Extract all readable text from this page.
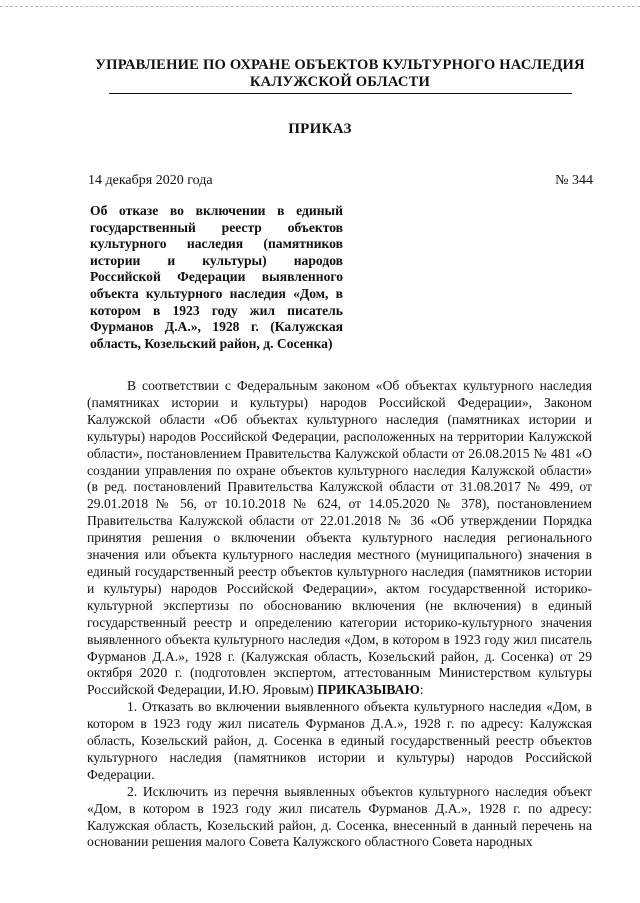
УПРАВЛЕНИЕ ПО ОХРАНЕ ОБЪЕКТОВ КУЛЬТУРНОГО НАСЛЕДИЯ
КАЛУЖСКОЙ ОБЛАСТИ
ПРИКАЗ
14 декабря 2020 года	№ 344
Об отказе во включении в единый государственный реестр объектов культурного наследия (памятников истории и культуры) народов Российской Федерации выявленного объекта культурного наследия «Дом, в котором в 1923 году жил писатель Фурманов Д.А.», 1928 г. (Калужская область, Козельский район, д. Сосенка)

В соответствии с Федеральным законом «Об объектах культурного наследия (памятниках истории и культуры) народов Российской Федерации», Законом Калужской области «Об объектах культурного наследия (памятниках истории и культуры) народов Российской Федерации, расположенных на территории Калужской области», постановлением Правительства Калужской области от 26.08.2015 № 481 «О создании управления по охране объектов культурного наследия Калужской области» (в ред. постановлений Правительства Калужской области от 31.08.2017 № 499, от 29.01.2018 № 56, от 10.10.2018 № 624, от 14.05.2020 № 378), постановлением Правительства Калужской области от 22.01.2018 № 36 «Об утверждении Порядка принятия решения о включении объекта культурного наследия регионального значения или объекта культурного наследия местного (муниципального) значения в единый государственный реестр объектов культурного наследия (памятников истории и культуры) народов Российской Федерации», актом государственной историко-культурной экспертизы по обоснованию включения (не включения) в единый государственный реестр и определению категории историко-культурного значения выявленного объекта культурного наследия «Дом, в котором в 1923 году жил писатель Фурманов Д.А.», 1928 г. (Калужская область, Козельский район, д. Сосенка) от 29 октября 2020 г. (подготовлен экспертом, аттестованным Министерством культуры Российской Федерации, И.Ю. Яровым) ПРИКАЗЫВАЮ:

1. Отказать во включении выявленного объекта культурного наследия «Дом, в котором в 1923 году жил писатель Фурманов Д.А.», 1928 г. по адресу: Калужская область, Козельский район, д. Сосенка в единый государственный реестр объектов культурного наследия (памятников истории и культуры) народов Российской Федерации.

2. Исключить из перечня выявленных объектов культурного наследия объект «Дом, в котором в 1923 году жил писатель Фурманов Д.А.», 1928 г. по адресу: Калужская область, Козельский район, д. Сосенка, внесенный в данный перечень на основании решения малого Совета Калужского областного Совета народных
